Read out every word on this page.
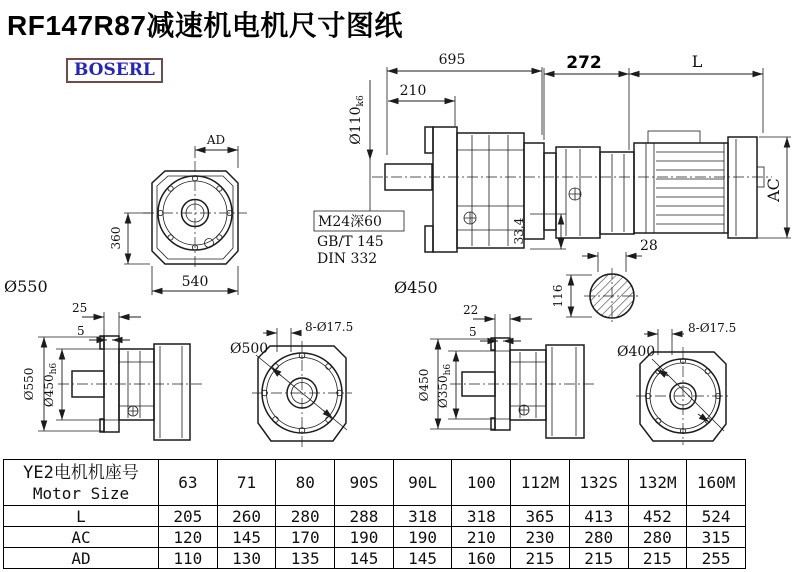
RF147R87减速机电机尺寸图纸
BOSERL	695	272	L
210
$Ø110_{k6}$
M24深60
GB/T 145
DIN 332
Ø450
33.4
AC
28
116
AD
360
540
Ø550
25
5
Ø550 $Ø450_{h6}$
8-Ø17.5
Ø500
22
5
Ø450 $Ø350_{h6}$
8-Ø17.5
Ø400
YE2电机机座号
Motor Size	63	71	80	90S	90L	100	112M	132S	132M	160M
L	205	260	280	288	318	318	365	413	452	524
AC	120	145	170	190	190	210	230	280	280	315
AD	110	130	135	145	145	160	215	215	215	255
